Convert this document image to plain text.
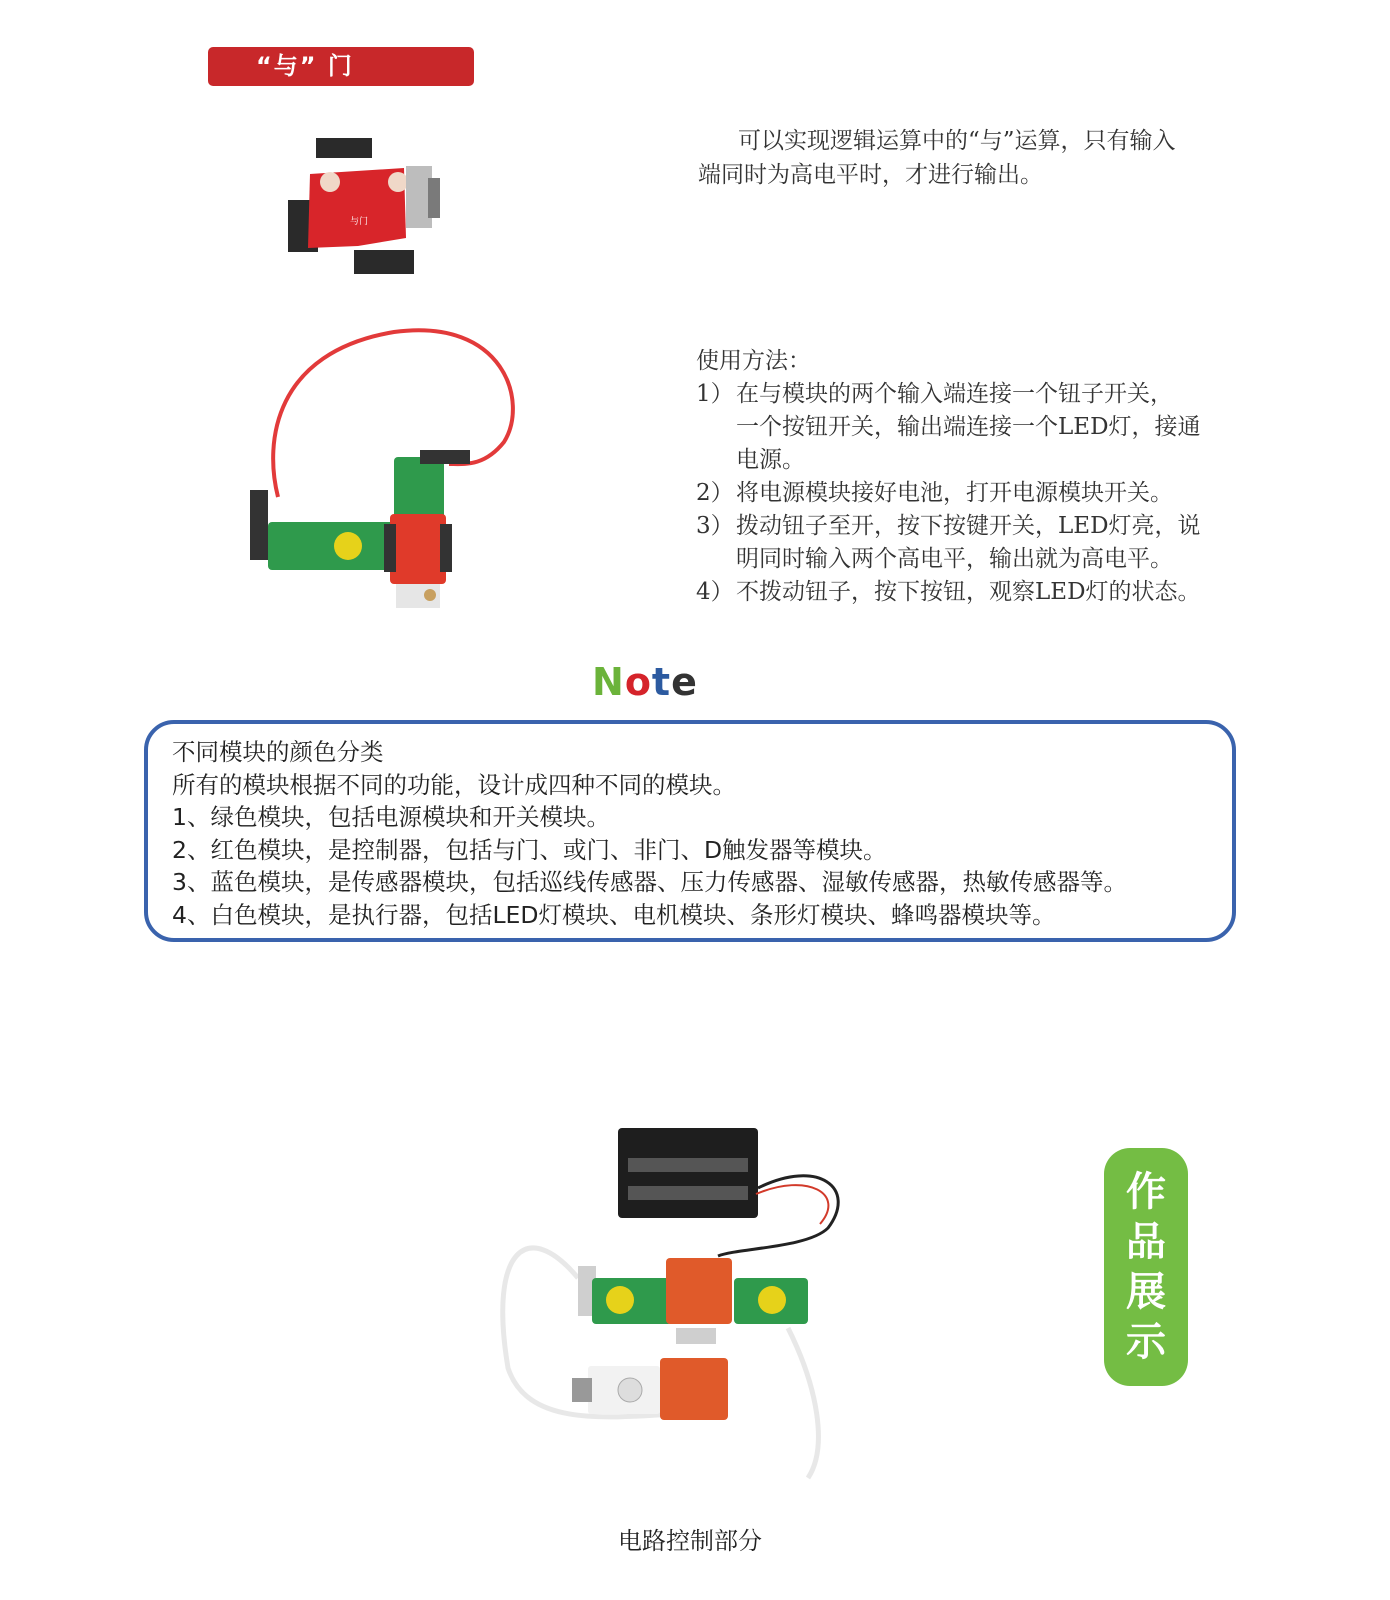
“与” 门
与门
可以实现逻辑运算中的“与”运算，只有输入
端同时为高电平时，才进行输出。
使用方法：
1） 在与模块的两个输入端连接一个钮子开关，
一个按钮开关，输出端连接一个LED灯，接通
电源。
2） 将电源模块接好电池，打开电源模块开关。
3） 拨动钮子至开，按下按键开关，LED灯亮，说
明同时输入两个高电平，输出就为高电平。
4） 不拨动钮子，按下按钮，观察LED灯的状态。
Note
不同模块的颜色分类
所有的模块根据不同的功能，设计成四种不同的模块。
1、绿色模块，包括电源模块和开关模块。
2、红色模块，是控制器，包括与门、或门、非门、D触发器等模块。
3、蓝色模块，是传感器模块，包括巡线传感器、压力传感器、湿敏传感器，热敏传感器等。
4、白色模块，是执行器，包括LED灯模块、电机模块、条形灯模块、蜂鸣器模块等。
作
品
展
示
电路控制部分
